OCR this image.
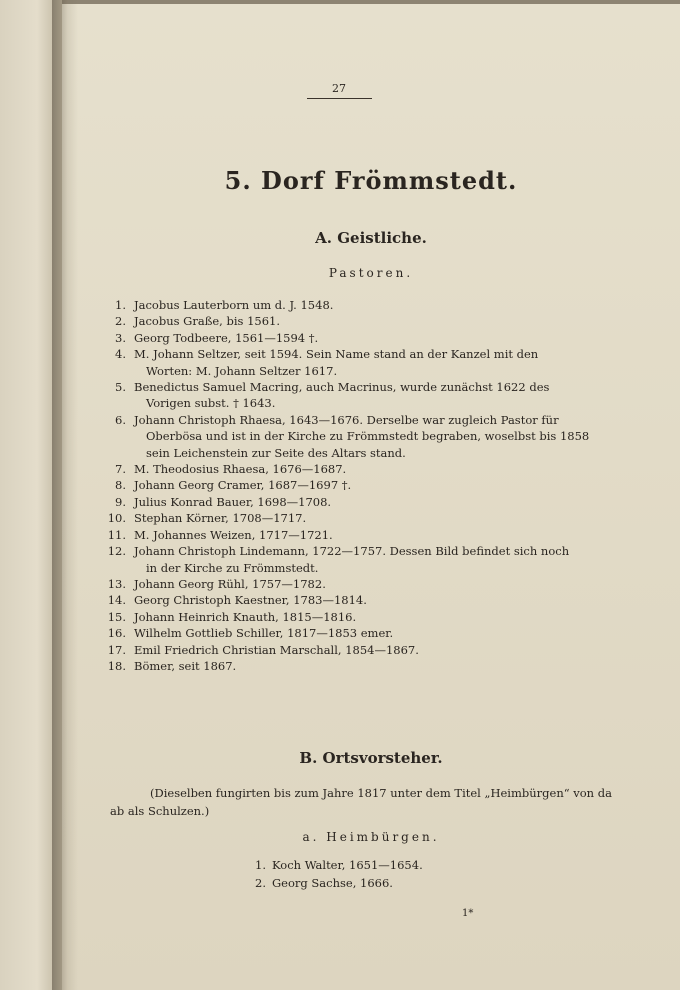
27
5. Dorf Frömmstedt.
A. Geistliche.
Pastoren.
1. Jacobus Lauterborn um d. J. 1548.
2. Jacobus Graße, bis 1561.
3. Georg Todbeere, 1561—1594 †.
4. M. Johann Seltzer, seit 1594. Sein Name stand an der Kanzel mit den
Worten: M. Johann Seltzer 1617.
5. Benedictus Samuel Macring, auch Macrinus, wurde zunächst 1622 des
Vorigen subst. † 1643.
6. Johann Christoph Rhaesa, 1643—1676. Derselbe war zugleich Pastor für
Oberbösa und ist in der Kirche zu Frömmstedt begraben, woselbst bis 1858
sein Leichenstein zur Seite des Altars stand.
7. M. Theodosius Rhaesa, 1676—1687.
8. Johann Georg Cramer, 1687—1697 †.
9. Julius Konrad Bauer, 1698—1708.
10. Stephan Körner, 1708—1717.
11. M. Johannes Weizen, 1717—1721.
12. Johann Christoph Lindemann, 1722—1757. Dessen Bild befindet sich noch
in der Kirche zu Frömmstedt.
13. Johann Georg Rühl, 1757—1782.
14. Georg Christoph Kaestner, 1783—1814.
15. Johann Heinrich Knauth, 1815—1816.
16. Wilhelm Gottlieb Schiller, 1817—1853 emer.
17. Emil Friedrich Christian Marschall, 1854—1867.
18. Bömer, seit 1867.
B. Ortsvorsteher.
(Dieselben fungirten bis zum Jahre 1817 unter dem Titel „Heimbürgen“ von da ab als Schulzen.)
a. Heimbürgen.
1. Koch Walter, 1651—1654.
2. Georg Sachse, 1666.
1*
